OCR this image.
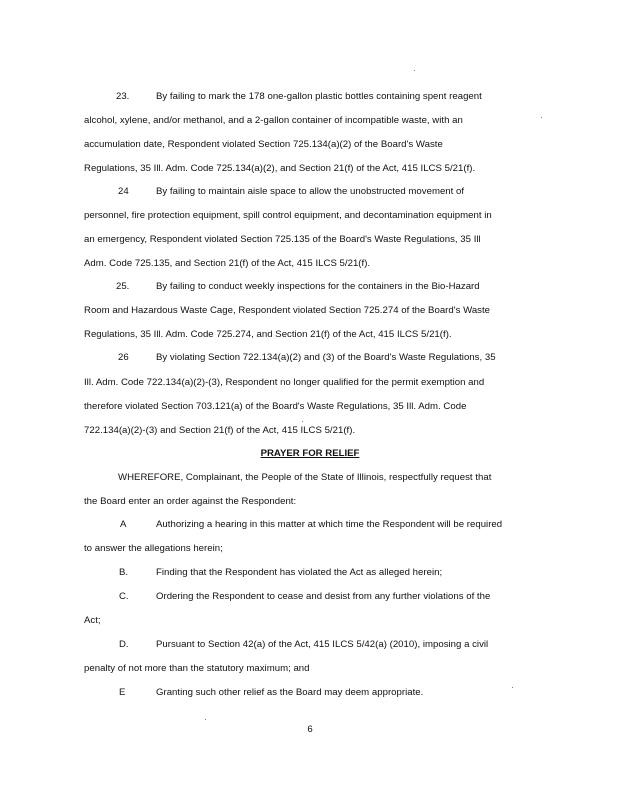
23.	By failing to mark the 178 one-gallon plastic bottles containing spent reagent
alcohol, xylene, and/or methanol, and a 2-gallon container of incompatible waste, with an
accumulation date, Respondent violated Section 725.134(a)(2) of the Board's Waste
Regulations, 35 Ill. Adm. Code 725.134(a)(2), and Section 21(f) of the Act, 415 ILCS 5/21(f).
24	By failing to maintain aisle space to allow the unobstructed movement of
personnel, fire protection equipment, spill control equipment, and decontamination equipment in
an emergency, Respondent violated Section 725.135 of the Board's Waste Regulations, 35 Ill
Adm. Code 725.135, and Section 21(f) of the Act, 415 ILCS 5/21(f).
25.	By failing to conduct weekly inspections for the containers in the Bio-Hazard
Room and Hazardous Waste Cage, Respondent violated Section 725.274 of the Board's Waste
Regulations, 35 Ill. Adm. Code 725.274, and Section 21(f) of the Act, 415 ILCS 5/21(f).
26	By violating Section 722.134(a)(2) and (3) of the Board's Waste Regulations, 35
Ill. Adm. Code 722.134(a)(2)-(3), Respondent no longer qualified for the permit exemption and
therefore violated Section 703.121(a) of the Board's Waste Regulations, 35 Ill. Adm. Code
722.134(a)(2)-(3) and Section 21(f) of the Act, 415 ILCS 5/21(f).
PRAYER FOR RELIEF
WHEREFORE, Complainant, the People of the State of Illinois, respectfully request that
the Board enter an order against the Respondent:
A	Authorizing a hearing in this matter at which time the Respondent will be required
to answer the allegations herein;
B.	Finding that the Respondent has violated the Act as alleged herein;
C.	Ordering the Respondent to cease and desist from any further violations of the
Act;
D.	Pursuant to Section 42(a) of the Act, 415 ILCS 5/42(a) (2010), imposing a civil
penalty of not more than the statutory maximum; and
E	Granting such other relief as the Board may deem appropriate.
6
